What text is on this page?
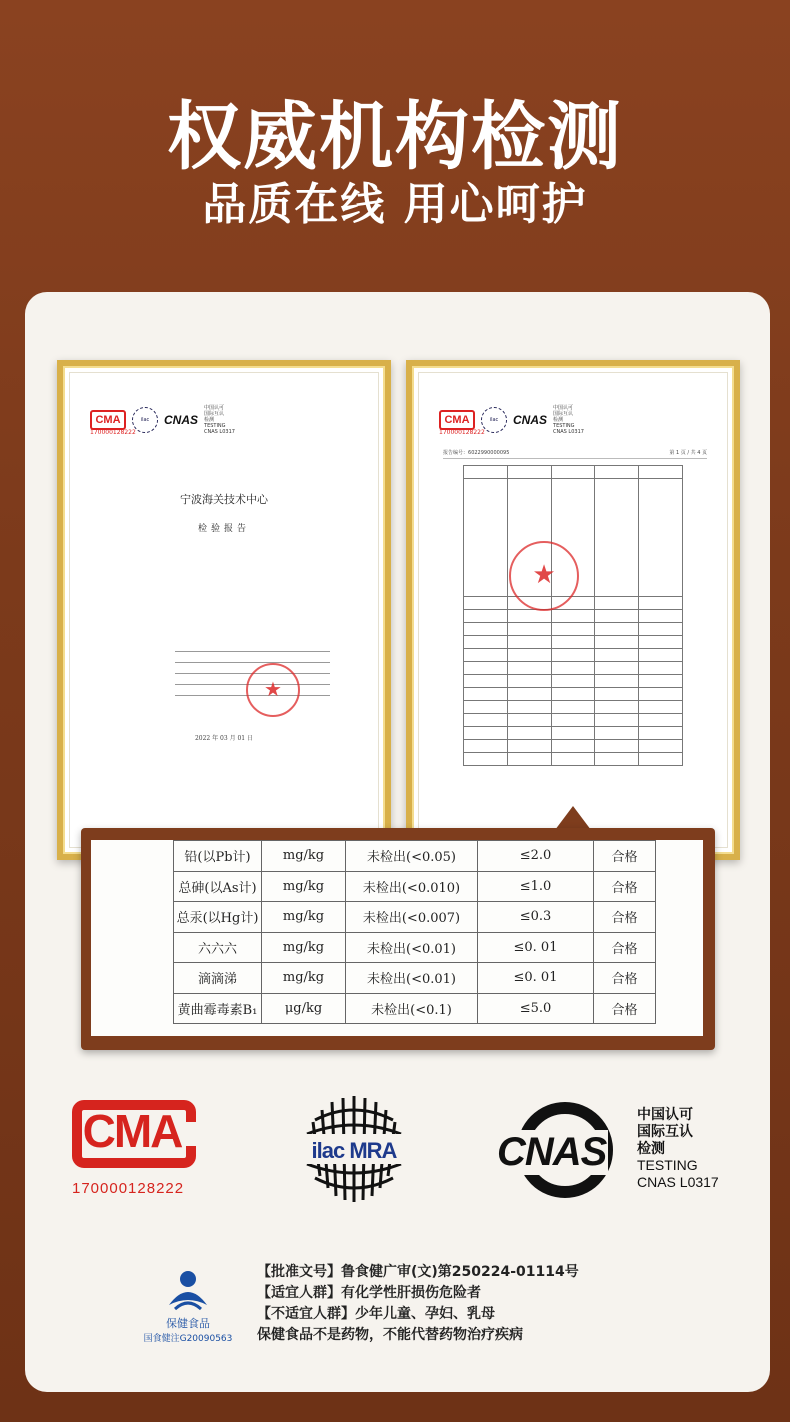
权威机构检测
品质在线 用心呵护
CMA	ilac	CNAS
中国认可
国际互认
检测
TESTING
CNAS L0317
170000128222
宁波海关技术中心
检验报告
★
2022 年 03 月 01 日
CMA	ilac	CNAS
中国认可
国际互认
检测
TESTING
CNAS L0317
170000128222
报告编号：6022990000095	第 1 页 / 共 4 页

★
铅(以Pb计)	mg/kg	未检出(<0.05)	≤2.0	合格
总砷(以As计)	mg/kg	未检出(<0.010)	≤1.0	合格
总汞(以Hg计)	mg/kg	未检出(<0.007)	≤0.3	合格
六六六	mg/kg	未检出(<0.01)	≤0. 01	合格
滴滴涕	mg/kg	未检出(<0.01)	≤0. 01	合格
黄曲霉毒素B₁	μg/kg	未检出(<0.1)	≤5.0	合格
CMA
170000128222
ilac MRA	CNAS
中国认可
国际互认
检测
TESTING
CNAS L0317
保健食品
国食健注G20090563
【批准文号】鲁食健广审(文)第250224-01114号
【适宜人群】有化学性肝损伤危险者
【不适宜人群】少年儿童、孕妇、乳母
保健食品不是药物，不能代替药物治疗疾病
